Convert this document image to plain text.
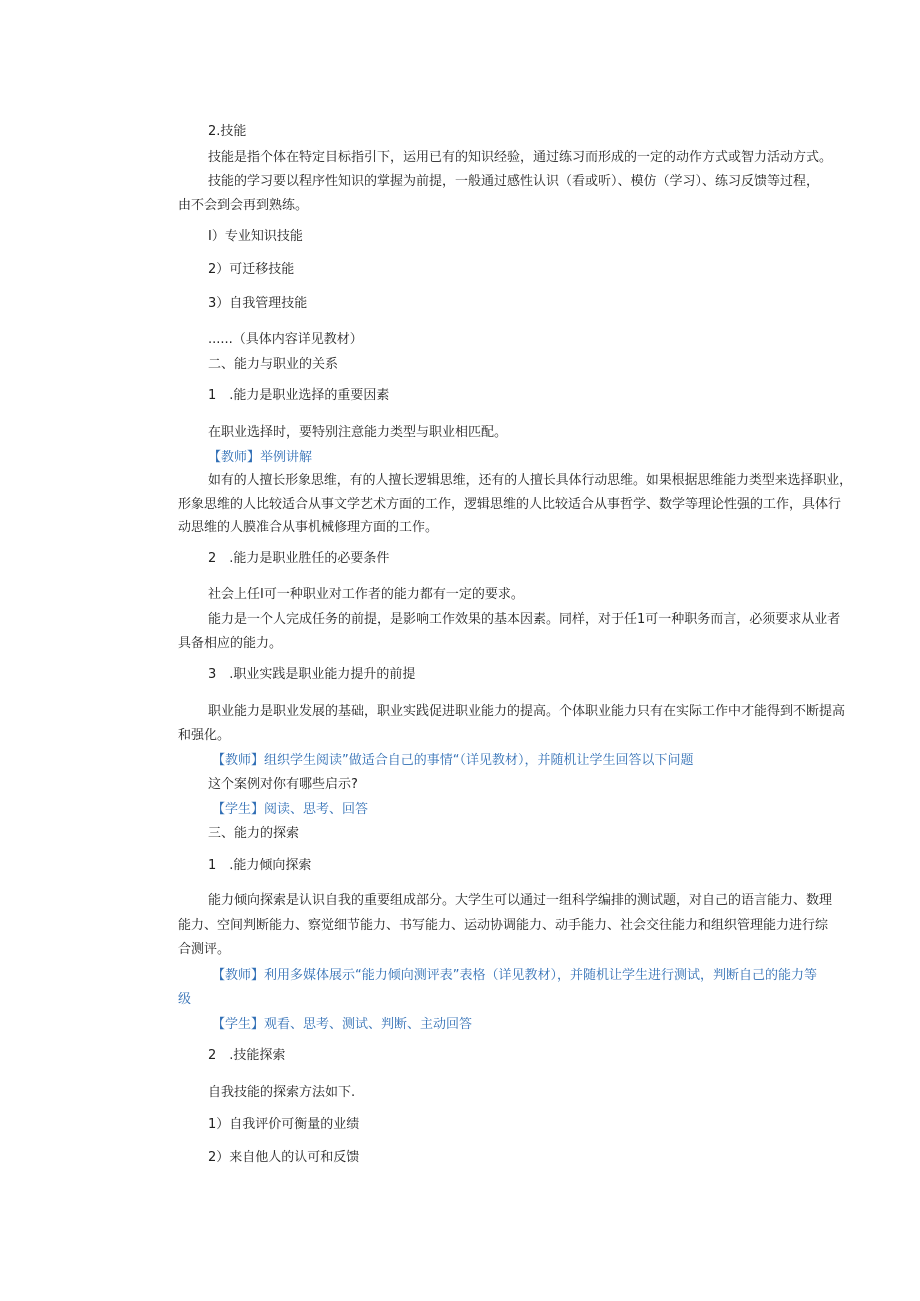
2.技能
技能是指个体在特定目标指引下，运用已有的知识经验，通过练习而形成的一定的动作方式或智力活动方式。
技能的学习要以程序性知识的掌握为前提，一般通过感性认识（看或听）、模仿（学习）、练习反馈等过程，
由不会到会再到熟练。
I）专业知识技能
2）可迁移技能
3）自我管理技能
......（具体内容详见教材）
二、能力与职业的关系
1　.能力是职业选择的重要因素
在职业选择时，要特别注意能力类型与职业相匹配。
【教师】举例讲解
如有的人擅长形象思维，有的人擅长逻辑思维，还有的人擅长具体行动思维。如果根据思维能力类型来选择职业，
形象思维的人比较适合从事文学艺术方面的工作，逻辑思维的人比较适合从事哲学、数学等理论性强的工作，具体行
动思维的人膜准合从事机械修理方面的工作。
2　.能力是职业胜任的必要条件
社会上任I可一种职业对工作者的能力都有一定的要求。
能力是一个人完成任务的前提，是影响工作效果的基本因素。同样，对于任1可一种职务而言，必须要求从业者
具备相应的能力。
3　.职业实践是职业能力提升的前提
职业能力是职业发展的基础，职业实践促进职业能力的提高。个体职业能力只有在实际工作中才能得到不断提高
和强化。
【教师】组织学生阅读”做适合自己的事情“（详见教材），并随机让学生回答以下问题
这个案例对你有哪些启示?
【学生】阅读、思考、回答
三、能力的探索
1　.能力倾向探索
能力倾向探索是认识自我的重要组成部分。大学生可以通过一组科学编排的测试题，对自己的语言能力、数理
能力、空间判断能力、察觉细节能力、书写能力、运动协调能力、动手能力、社会交往能力和组织管理能力进行综
合测评。
【教师】利用多媒体展示“能力倾向测评表”表格（详见教材），并随机让学生进行测试，判断自己的能力等
级
【学生】观看、思考、测试、判断、主动回答
2　.技能探索
自我技能的探索方法如下.
1）自我评价可衡量的业绩
2）来自他人的认可和反馈
